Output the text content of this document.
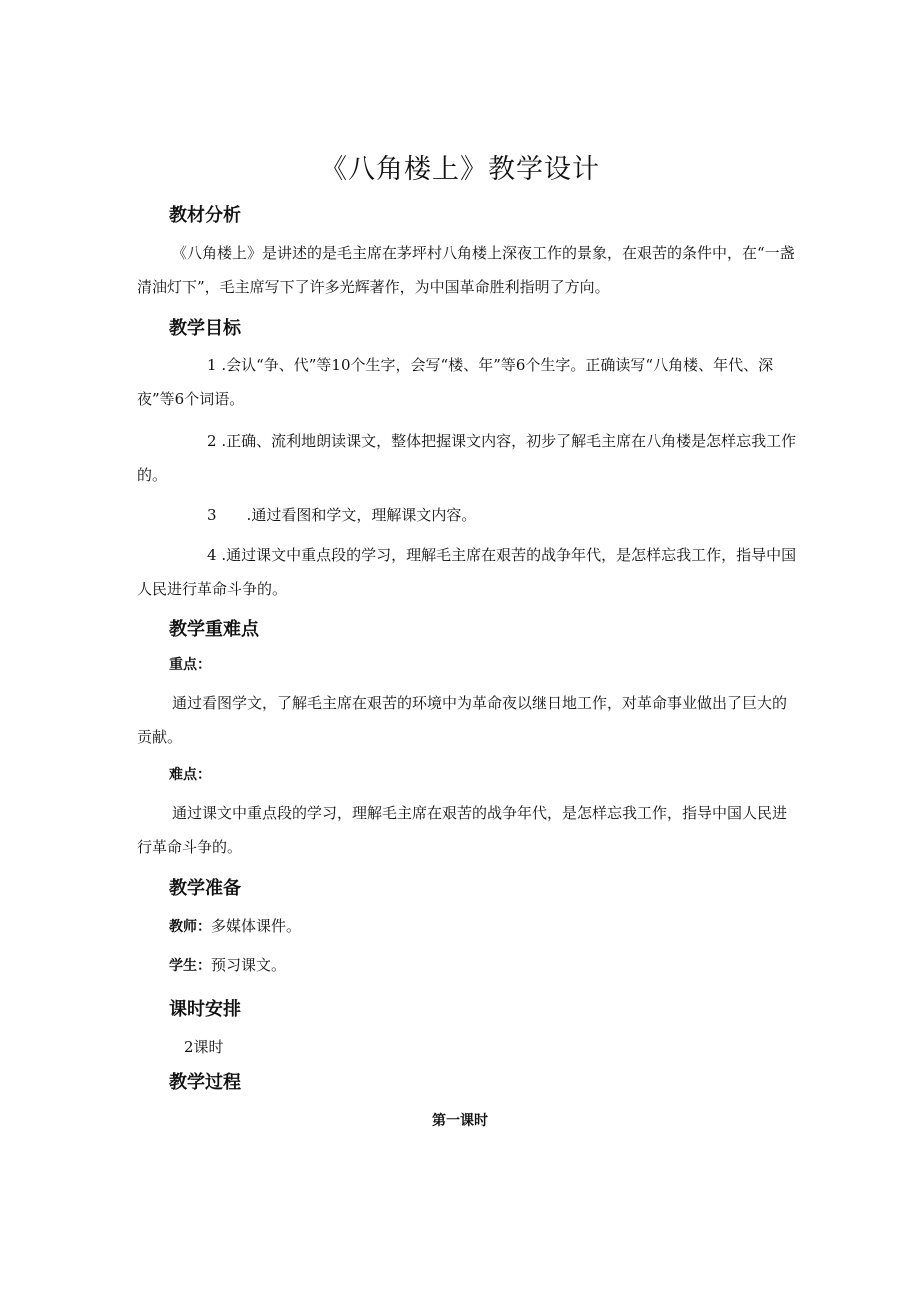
《八角楼上》教学设计
教材分析
《八角楼上》是讲述的是毛主席在茅坪村八角楼上深夜工作的景象，在艰苦的条件中，在“一盏清油灯下”，毛主席写下了许多光辉著作，为中国革命胜利指明了方向。
教学目标
1 .会认“争、代”等10个生字，会写“楼、年”等6个生字。正确读写“八角楼、年代、深夜”等6个词语。
2 .正确、流利地朗读课文，整体把握课文内容，初步了解毛主席在八角楼是怎样忘我工作的。
3 .通过看图和学文，理解课文内容。
4 .通过课文中重点段的学习，理解毛主席在艰苦的战争年代，是怎样忘我工作，指导中国人民进行革命斗争的。
教学重难点
重点：
通过看图学文，了解毛主席在艰苦的环境中为革命夜以继日地工作，对革命事业做出了巨大的贡献。
难点：
通过课文中重点段的学习，理解毛主席在艰苦的战争年代，是怎样忘我工作，指导中国人民进行革命斗争的。
教学准备
教师：多媒体课件。
学生：预习课文。
课时安排
2课时
教学过程
第一课时
